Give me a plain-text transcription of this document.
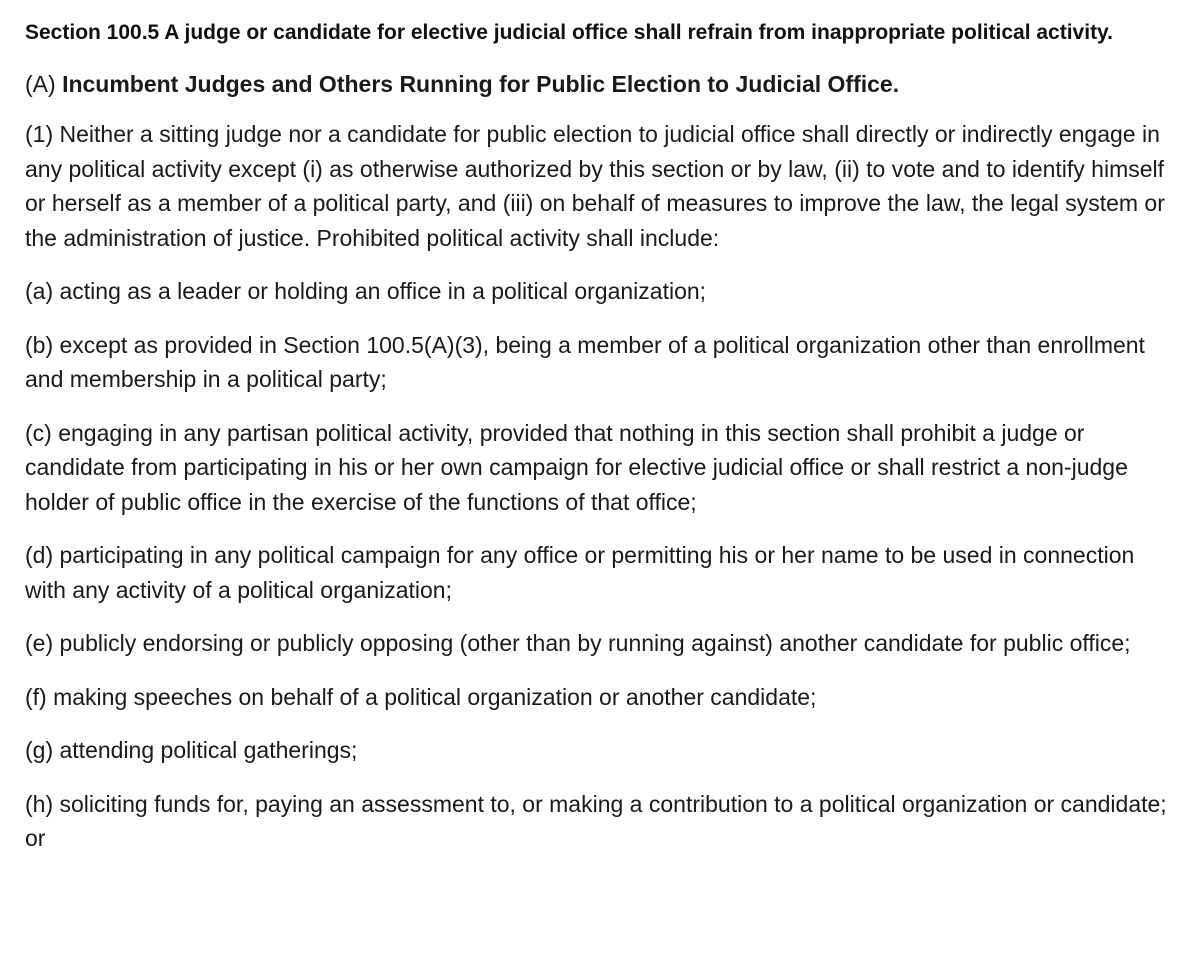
Section 100.5 A judge or candidate for elective judicial office shall refrain from inappropriate political activity.
(A) Incumbent Judges and Others Running for Public Election to Judicial Office.

(1) Neither a sitting judge nor a candidate for public election to judicial office shall directly or indirectly engage in any political activity except (i) as otherwise authorized by this section or by law, (ii) to vote and to identify himself or herself as a member of a political party, and (iii) on behalf of measures to improve the law, the legal system or the administration of justice. Prohibited political activity shall include:

(a) acting as a leader or holding an office in a political organization;

(b) except as provided in Section 100.5(A)(3), being a member of a political organization other than enrollment and membership in a political party;

(c) engaging in any partisan political activity, provided that nothing in this section shall prohibit a judge or candidate from participating in his or her own campaign for elective judicial office or shall restrict a non-judge holder of public office in the exercise of the functions of that office;

(d) participating in any political campaign for any office or permitting his or her name to be used in connection with any activity of a political organization;

(e) publicly endorsing or publicly opposing (other than by running against) another candidate for public office;

(f) making speeches on behalf of a political organization or another candidate;

(g) attending political gatherings;

(h) soliciting funds for, paying an assessment to, or making a contribution to a political organization or candidate; or
